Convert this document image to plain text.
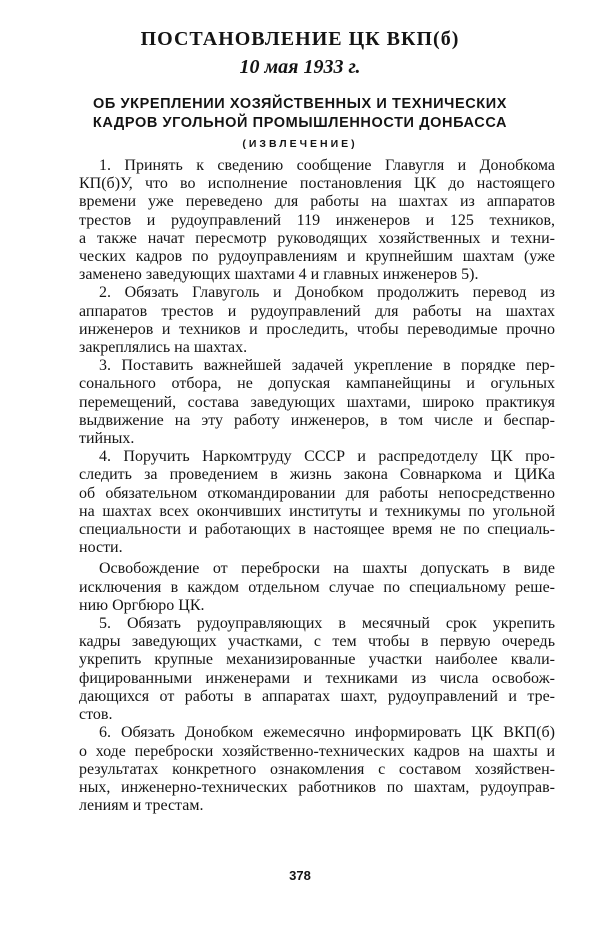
ПОСТАНОВЛЕНИЕ ЦК ВКП(б)
10 мая 1933 г.
ОБ УКРЕПЛЕНИИ ХОЗЯЙСТВЕННЫХ И ТЕХНИЧЕСКИХ
КАДРОВ УГОЛЬНОЙ ПРОМЫШЛЕННОСТИ ДОНБАССА
(ИЗВЛЕЧЕНИЕ)
1. Принять к сведению сообщение Главугля и Донобкома
КП(б)У, что во исполнение постановления ЦК до настоящего
времени уже переведено для работы на шахтах из аппаратов
трестов и рудоуправлений 119 инженеров и 125 техников,
а также начат пересмотр руководящих хозяйственных и техни-
ческих кадров по рудоуправлениям и крупнейшим шахтам (уже
заменено заведующих шахтами 4 и главных инженеров 5).
2. Обязать Главуголь и Донобком продолжить перевод из
аппаратов трестов и рудоуправлений для работы на шахтах
инженеров и техников и проследить, чтобы переводимые прочно
закреплялись на шахтах.
3. Поставить важнейшей задачей укрепление в порядке пер-
сонального отбора, не допуская кампанейщины и огульных
перемещений, состава заведующих шахтами, широко практикуя
выдвижение на эту работу инженеров, в том числе и беспар-
тийных.
4. Поручить Наркомтруду СССР и распредотделу ЦК про-
следить за проведением в жизнь закона Совнаркома и ЦИКа
об обязательном откомандировании для работы непосредственно
на шахтах всех окончивших институты и техникумы по угольной
специальности и работающих в настоящее время не по специаль-
ности.
Освобождение от переброски на шахты допускать в виде
исключения в каждом отдельном случае по специальному реше-
нию Оргбюро ЦК.
5. Обязать рудоуправляющих в месячный срок укрепить
кадры заведующих участками, с тем чтобы в первую очередь
укрепить крупные механизированные участки наиболее квали-
фицированными инженерами и техниками из числа освобож-
дающихся от работы в аппаратах шахт, рудоуправлений и тре-
стов.
6. Обязать Донобком ежемесячно информировать ЦК ВКП(б)
о ходе переброски хозяйственно-технических кадров на шахты и
результатах конкретного ознакомления с составом хозяйствен-
ных, инженерно-технических работников по шахтам, рудоуправ-
лениям и трестам.
378
